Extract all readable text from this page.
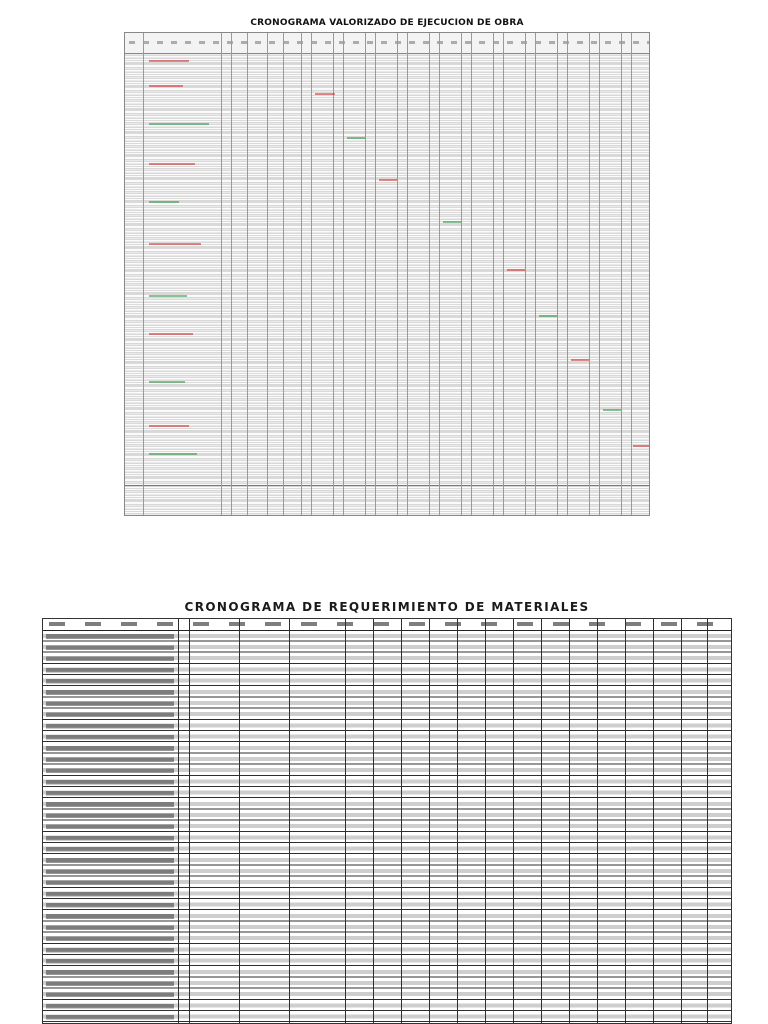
CRONOGRAMA VALORIZADO DE EJECUCION DE OBRA
CRONOGRAMA DE REQUERIMIENTO DE MATERIALES
